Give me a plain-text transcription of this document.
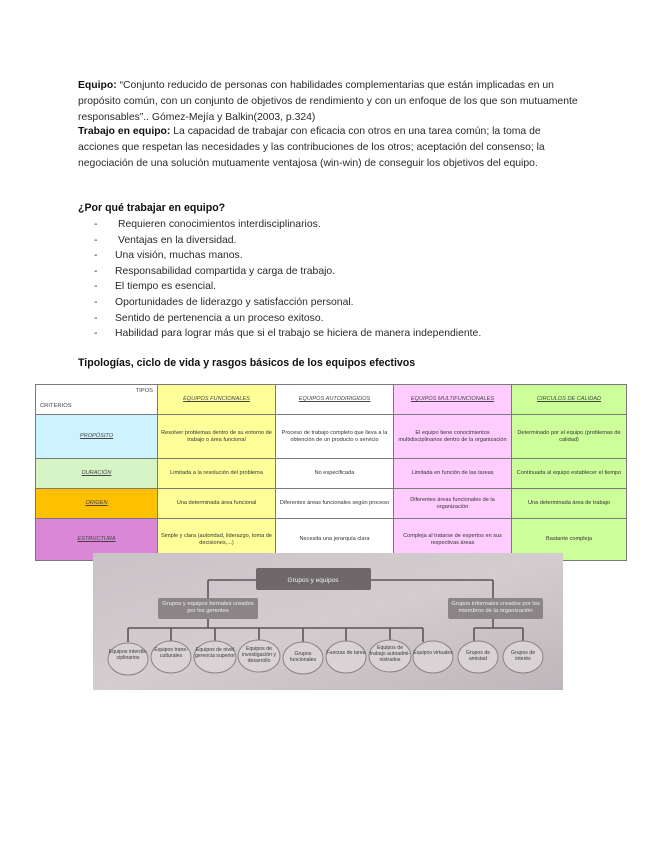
Equipo: “Conjunto reducido de personas con habilidades complementarias que están implicadas en un propósito común, con un conjunto de objetivos de rendimiento y con un enfoque de los que son mutuamente responsables”.. Gómez-Mejía y Balkin(2003, p.324)

Trabajo en equipo: La capacidad de trabajar con eficacia con otros en una tarea común; la toma de acciones que respetan las necesidades y las contribuciones de los otros; aceptación del consenso; la negociación de una solución mutuamente ventajosa (win-win) de conseguir los objetivos del equipo.

¿Por qué trabajar en equipo?
- Requieren conocimientos interdisciplinarios.
- Ventajas en la diversidad.
- Una visión, muchas manos.
- Responsabilidad compartida y carga de trabajo.
- El tiempo es esencial.
- Oportunidades de liderazgo y satisfacción personal.
- Sentido de pertenencia a un proceso exitoso.
- Habilidad para lograr más que si el trabajo se hiciera de manera independiente.
Tipologías, ciclo de vida y rasgos básicos de los equipos efectivos
TIPOS
CRITERIOS	EQUIPOS FUNCIONALES	EQUIPOS AUTODIRIGIDOS	EQUIPOS MULTIFUNCIONALES	CIRCULOS DE CALIDAD
PROPÓSITO	Resolver problemas dentro de su entorno de trabajo o área funcional	Proceso de trabajo completo que lleva a la obtención de un producto o servicio	El equipo tiene conocimientos multidisciplinarios dentro de la organización	Determinado por el equipo (problemas de calidad)
DURACIÓN	Limitada a la resolución del problema	No especificada	Limitada en función de las tareas	Continuada al equipo establecer el tiempo
ORIGEN	Una determinada área funcional	Diferentes áreas funcionales según proceso	Diferentes áreas funcionales de la organización	Una determinada área de trabajo
ESTRUCTURA	Simple y clara (autoridad, liderazgo, toma de decisiones,...)	Necesita una jerarquía clara	Compleja al tratarse de expertos en sus respectivas áreas	Bastante compleja
Grupos y equipos
Grupos y equipos formales creados por los gerentes
Grupos informales creados por los miembros de la organización
Equipos interdis-ciplinarios
Equipos trans-culturales
Equipos de nivel gerencia superior
Equipos de investigación y desarrollo
Grupos funcionales
Fuerzas de tarea
Equipos de trabajo autoadmi-nistrados
Equipos virtuales	Grupos de amistad
Grupos de interés
